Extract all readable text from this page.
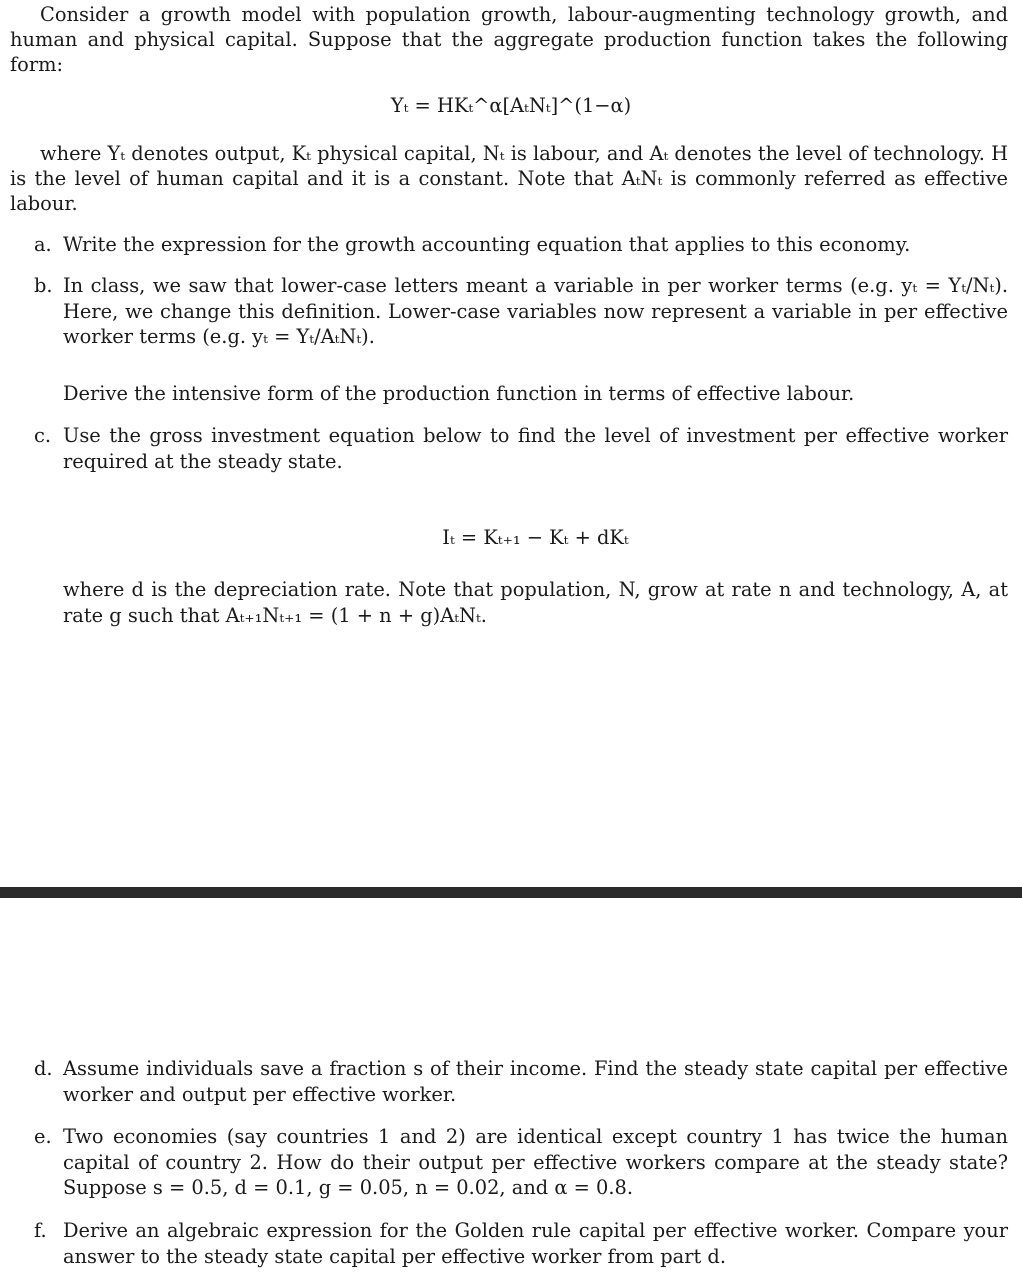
Consider a growth model with population growth, labour-augmenting technology growth, and human and physical capital. Suppose that the aggregate production function takes the following form:
Yₜ = HKₜ^α[AₜNₜ]^(1−α)
where Yₜ denotes output, Kₜ physical capital, Nₜ is labour, and Aₜ denotes the level of technology. H is the level of human capital and it is a constant. Note that AₜNₜ is commonly referred as effective labour.
a. Write the expression for the growth accounting equation that applies to this economy.
b. In class, we saw that lower-case letters meant a variable in per worker terms (e.g. yₜ = Yₜ/Nₜ). Here, we change this definition. Lower-case variables now represent a variable in per effective worker terms (e.g. yₜ = Yₜ/AₜNₜ).
Derive the intensive form of the production function in terms of effective labour.
c. Use the gross investment equation below to find the level of investment per effective worker required at the steady state.
Iₜ = Kₜ₊₁ − Kₜ + dKₜ
where d is the depreciation rate. Note that population, N, grow at rate n and technology, A, at rate g such that Aₜ₊₁Nₜ₊₁ = (1 + n + g)AₜNₜ.
d. Assume individuals save a fraction s of their income. Find the steady state capital per effective worker and output per effective worker.
e. Two economies (say countries 1 and 2) are identical except country 1 has twice the human capital of country 2. How do their output per effective workers compare at the steady state? Suppose s = 0.5, d = 0.1, g = 0.05, n = 0.02, and α = 0.8.
f. Derive an algebraic expression for the Golden rule capital per effective worker. Compare your answer to the steady state capital per effective worker from part d.
